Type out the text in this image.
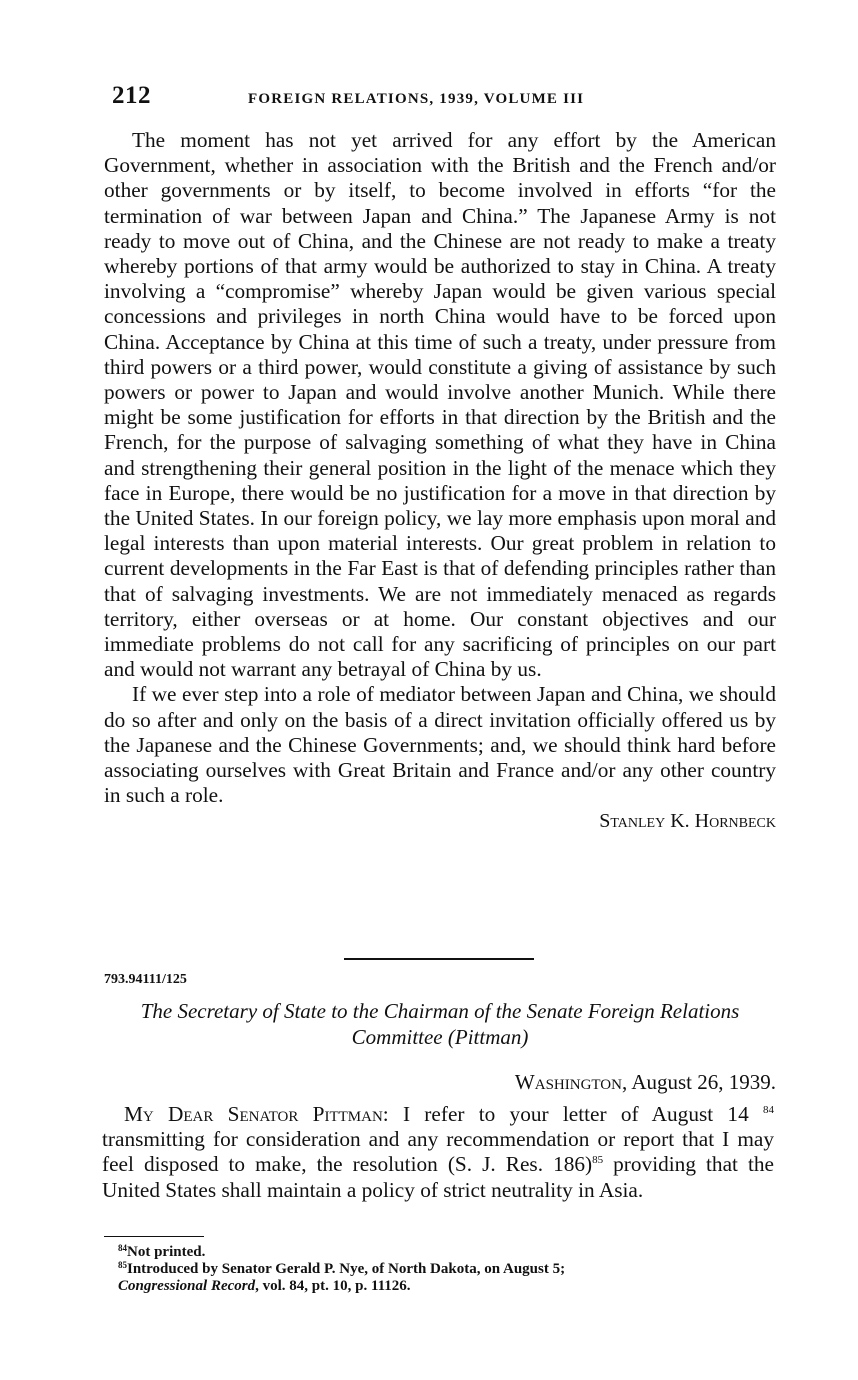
212	FOREIGN RELATIONS, 1939, VOLUME III

The moment has not yet arrived for any effort by the American Government, whether in association with the British and the French and/or other governments or by itself, to become involved in efforts “for the termination of war between Japan and China.” The Japanese Army is not ready to move out of China, and the Chinese are not ready to make a treaty whereby portions of that army would be authorized to stay in China. A treaty involving a “compromise” whereby Japan would be given various special concessions and privileges in north China would have to be forced upon China. Acceptance by China at this time of such a treaty, under pressure from third powers or a third power, would constitute a giving of assistance by such powers or power to Japan and would involve another Munich. While there might be some justification for efforts in that direction by the British and the French, for the purpose of salvaging something of what they have in China and strengthening their general position in the light of the menace which they face in Europe, there would be no justification for a move in that direction by the United States. In our foreign policy, we lay more emphasis upon moral and legal interests than upon material interests. Our great problem in relation to current developments in the Far East is that of defending principles rather than that of salvaging investments. We are not immediately menaced as regards territory, either overseas or at home. Our constant objectives and our immediate problems do not call for any sacrificing of principles on our part and would not warrant any betrayal of China by us.

If we ever step into a role of mediator between Japan and China, we should do so after and only on the basis of a direct invitation officially offered us by the Japanese and the Chinese Governments; and, we should think hard before associating ourselves with Great Britain and France and/or any other country in such a role.

Stanley K. Hornbeck
793.94111/125
The Secretary of State to the Chairman of the Senate Foreign Relations Committee (Pittman)
Washington, August 26, 1939.

My Dear Senator Pittman: I refer to your letter of August 14 $^{84}$ transmitting for consideration and any recommendation or report that I may feel disposed to make, the resolution (S. J. Res. 186)$^{85}$ providing that the United States shall maintain a policy of strict neutrality in Asia.

$^{84}$Not printed.
$^{85}$Introduced by Senator Gerald P. Nye, of North Dakota, on August 5;
Congressional Record, vol. 84, pt. 10, p. 11126.
